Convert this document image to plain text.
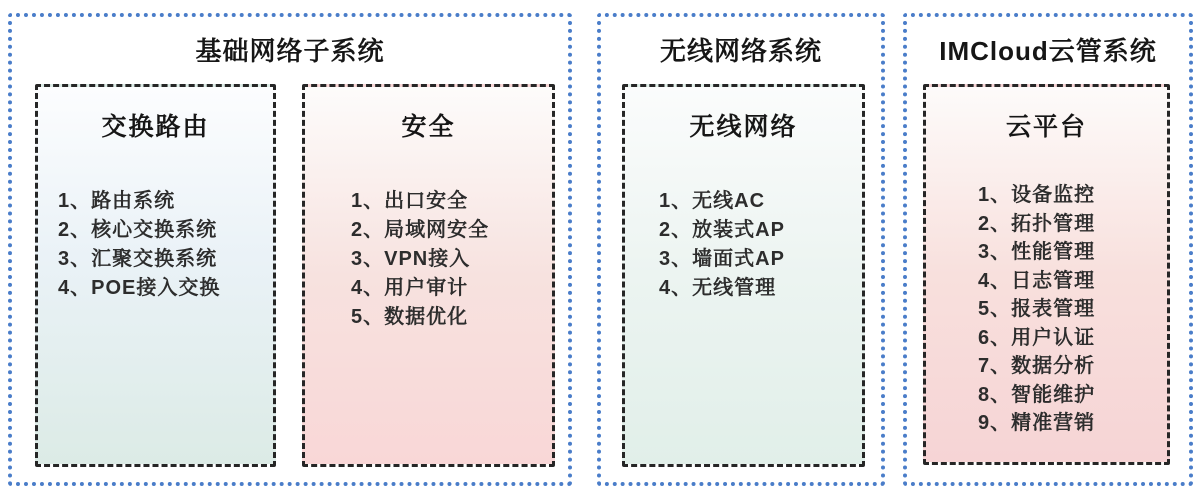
基础网络子系统
交换路由
1、路由系统
2、核心交换系统
3、汇聚交换系统
4、POE接入交换
安全
1、出口安全
2、局域网安全
3、VPN接入
4、用户审计
5、数据优化
无线网络系统
无线网络
1、无线AC
2、放装式AP
3、墙面式AP
4、无线管理
IMCloud云管系统
云平台
1、设备监控
2、拓扑管理
3、性能管理
4、日志管理
5、报表管理
6、用户认证
7、数据分析
8、智能维护
9、精准营销
